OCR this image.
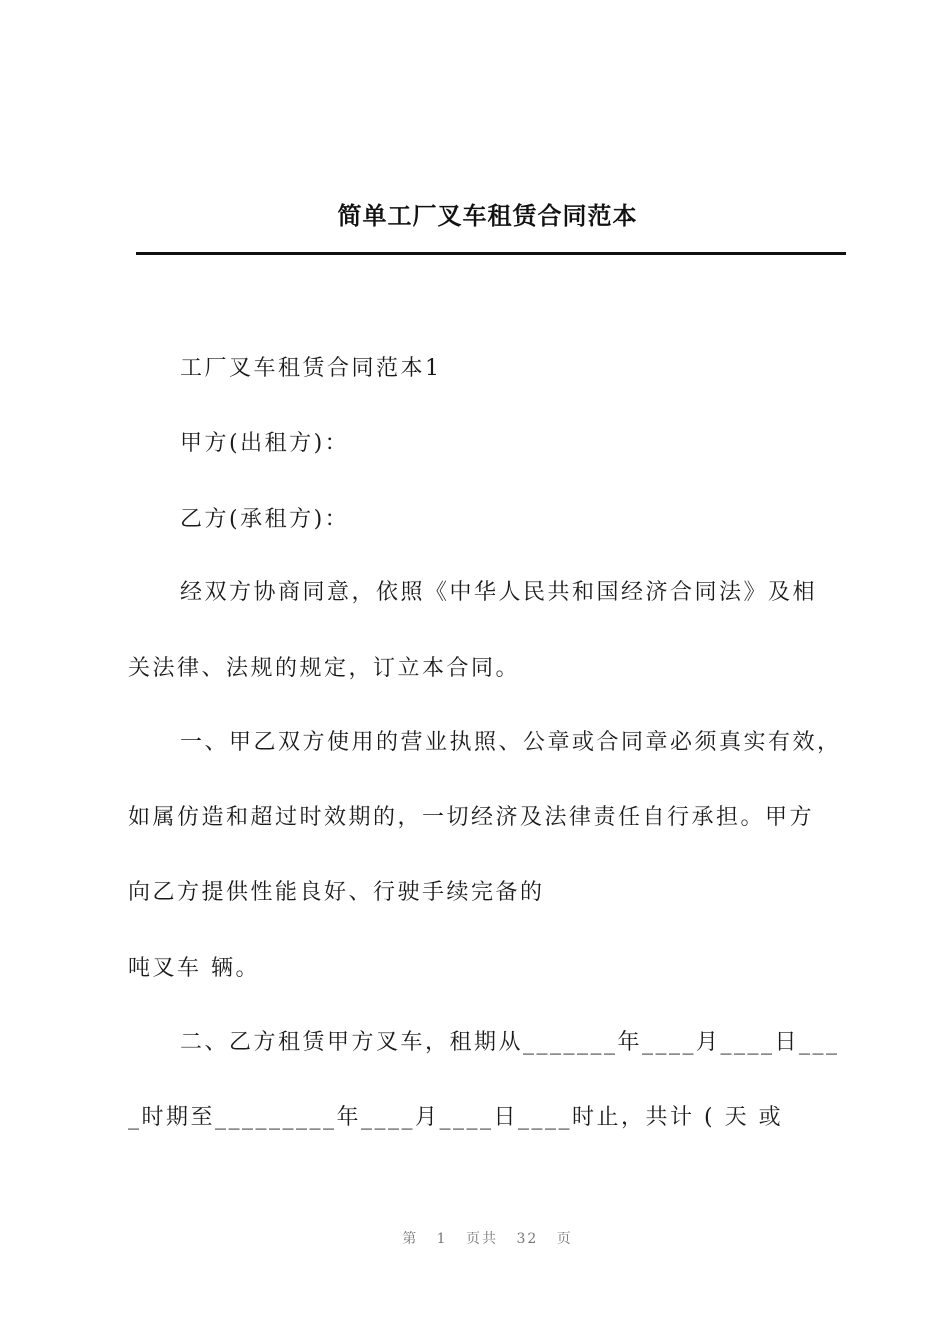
简单工厂叉车租赁合同范本
工厂叉车租赁合同范本1
甲方(出租方)：
乙方(承租方)：
经双方协商同意，依照《中华人民共和国经济合同法》及相
关法律、法规的规定，订立本合同。
一、甲乙双方使用的营业执照、公章或合同章必须真实有效，
如属仿造和超过时效期的，一切经济及法律责任自行承担。甲方
向乙方提供性能良好、行驶手续完备的
吨叉车 辆。
二、乙方租赁甲方叉车，租期从_______年____月____日___
_时期至_________年____月____日____时止，共计 ( 天 或
第 1 页共 32 页
